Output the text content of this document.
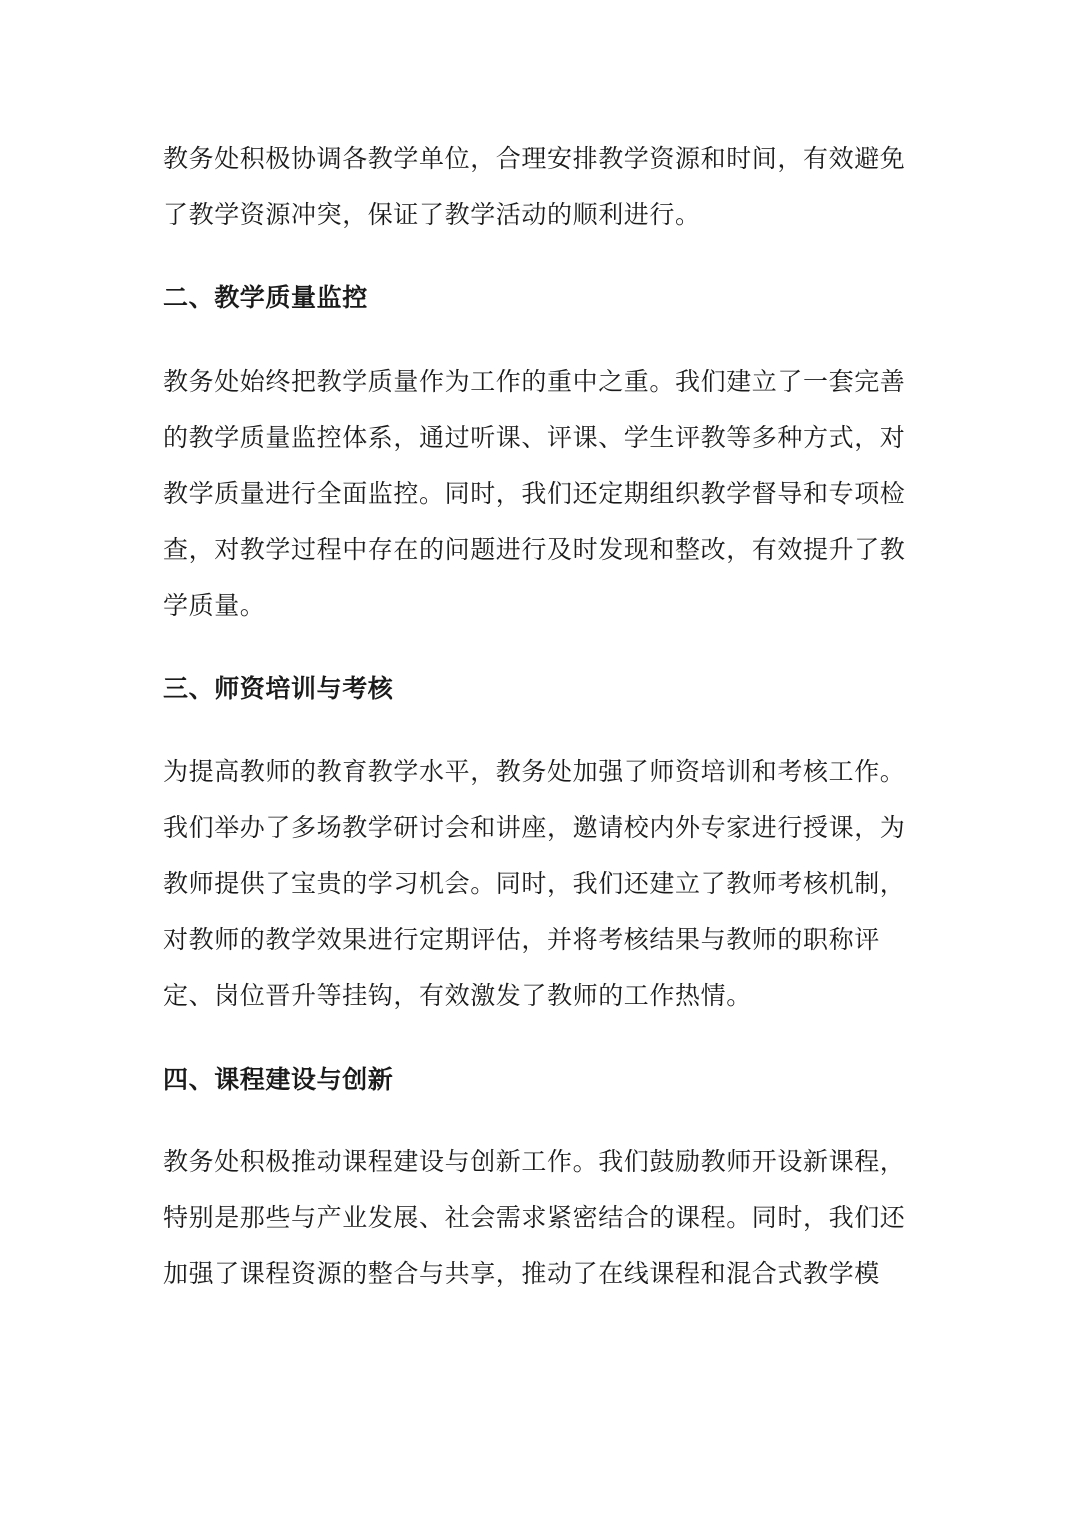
教务处积极协调各教学单位，合理安排教学资源和时间，有效避免
了教学资源冲突，保证了教学活动的顺利进行。
二、教学质量监控
教务处始终把教学质量作为工作的重中之重。我们建立了一套完善
的教学质量监控体系，通过听课、评课、学生评教等多种方式，对
教学质量进行全面监控。同时，我们还定期组织教学督导和专项检
查，对教学过程中存在的问题进行及时发现和整改，有效提升了教
学质量。
三、师资培训与考核
为提高教师的教育教学水平，教务处加强了师资培训和考核工作。
我们举办了多场教学研讨会和讲座，邀请校内外专家进行授课，为
教师提供了宝贵的学习机会。同时，我们还建立了教师考核机制，
对教师的教学效果进行定期评估，并将考核结果与教师的职称评
定、岗位晋升等挂钩，有效激发了教师的工作热情。
四、课程建设与创新
教务处积极推动课程建设与创新工作。我们鼓励教师开设新课程，
特别是那些与产业发展、社会需求紧密结合的课程。同时，我们还
加强了课程资源的整合与共享，推动了在线课程和混合式教学模
